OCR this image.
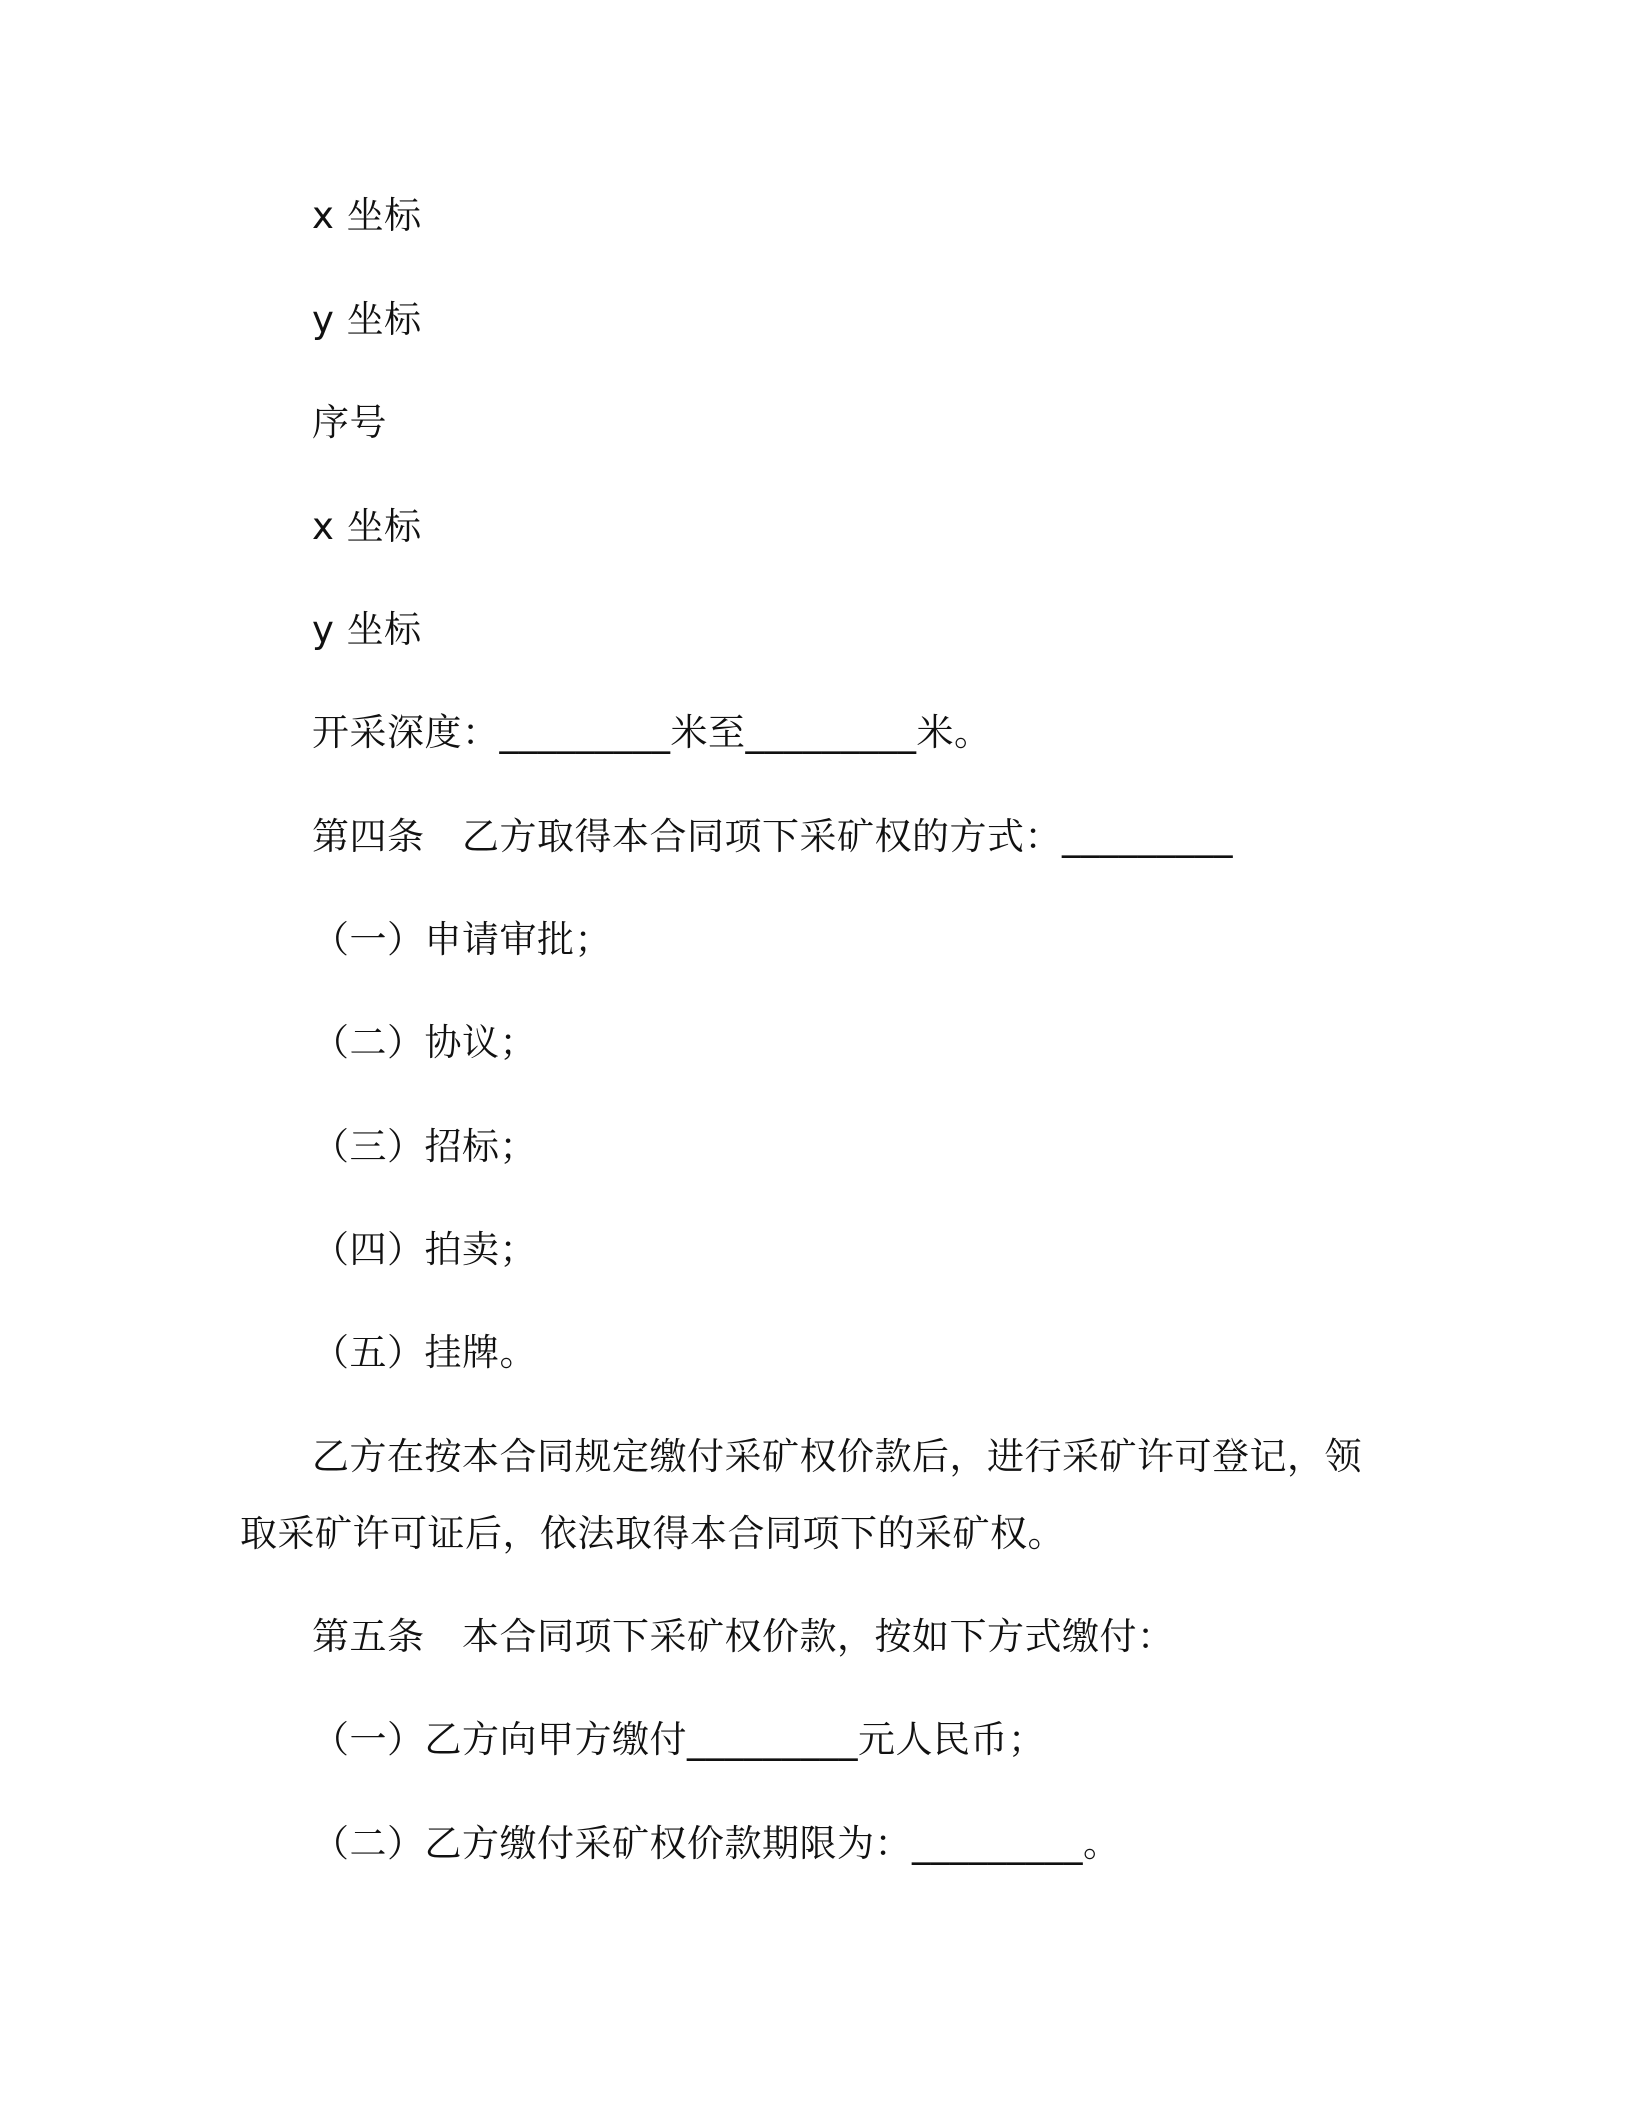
x 坐标
y 坐标
序号
x 坐标
y 坐标
开采深度：_________米至_________米。
第四条　乙方取得本合同项下采矿权的方式：_________
（一）申请审批；
（二）协议；
（三）招标；
（四）拍卖；
（五）挂牌。
乙方在按本合同规定缴付采矿权价款后，进行采矿许可登记，领
取采矿许可证后，依法取得本合同项下的采矿权。
第五条　本合同项下采矿权价款，按如下方式缴付：
（一）乙方向甲方缴付_________元人民币；
（二）乙方缴付采矿权价款期限为：_________。
